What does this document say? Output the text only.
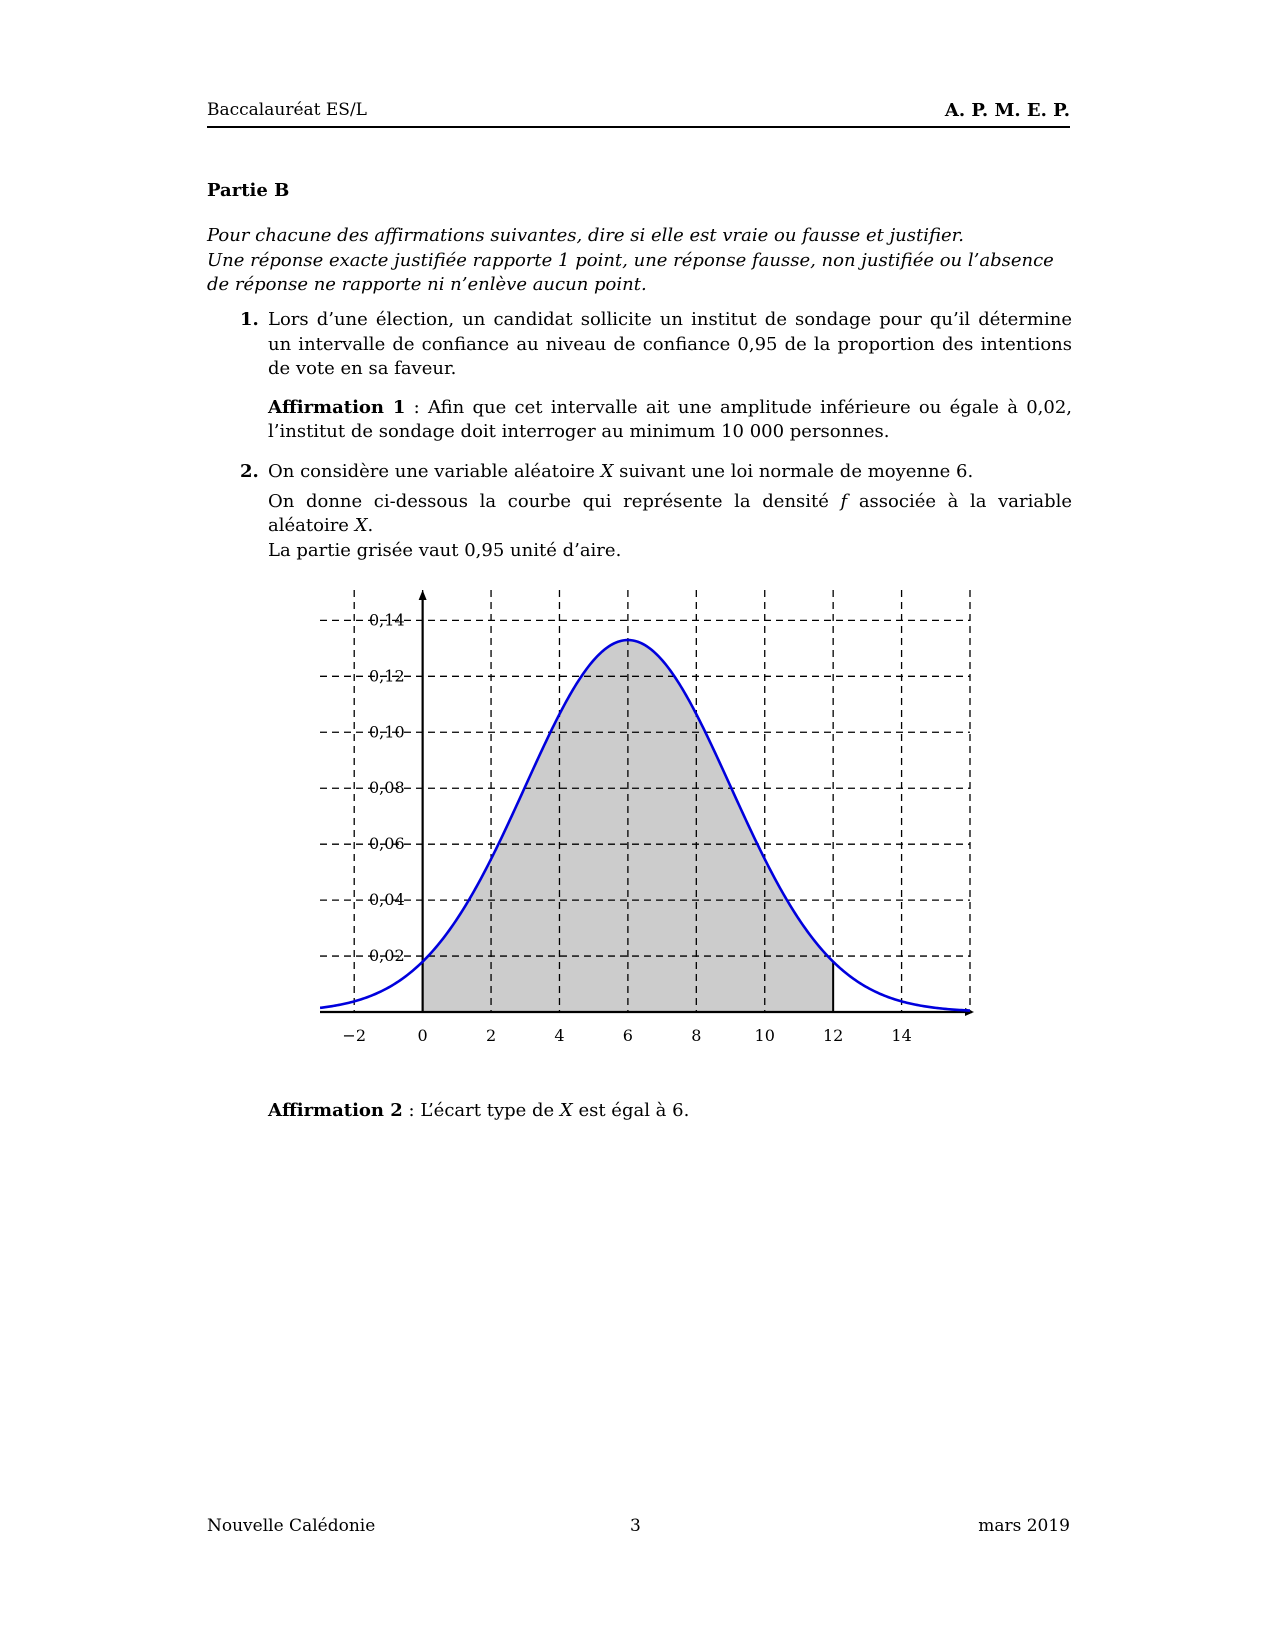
Baccalauréat ES/L	A. P. M. E. P.
Partie B

Pour chacune des affirmations suivantes, dire si elle est vraie ou fausse et justifier.

Une réponse exacte justifiée rapporte 1 point, une réponse fausse, non justifiée ou l’absence de réponse ne rapporte ni n’enlève aucun point.

1. Lors d’une élection, un candidat sollicite un institut de sondage pour qu’il détermine un intervalle de confiance au niveau de confiance 0,95 de la proportion des intentions de vote en sa faveur.

Affirmation 1 : Afin que cet intervalle ait une amplitude inférieure ou égale à 0,02, l’institut de sondage doit interroger au minimum 10 000 personnes.

2. On considère une variable aléatoire X suivant une loi normale de moyenne 6.

On donne ci-dessous la courbe qui représente la densité f associée à la variable aléatoire X.

La partie grisée vaut 0,95 unité d’aire.

0,02
0,04
0,06
0,08
0,10
0,12
0,14
−2	0	2	4	6	8	10	12	14
Affirmation 2 : L’écart type de X est égal à 6.
Nouvelle Calédonie	3	mars 2019
